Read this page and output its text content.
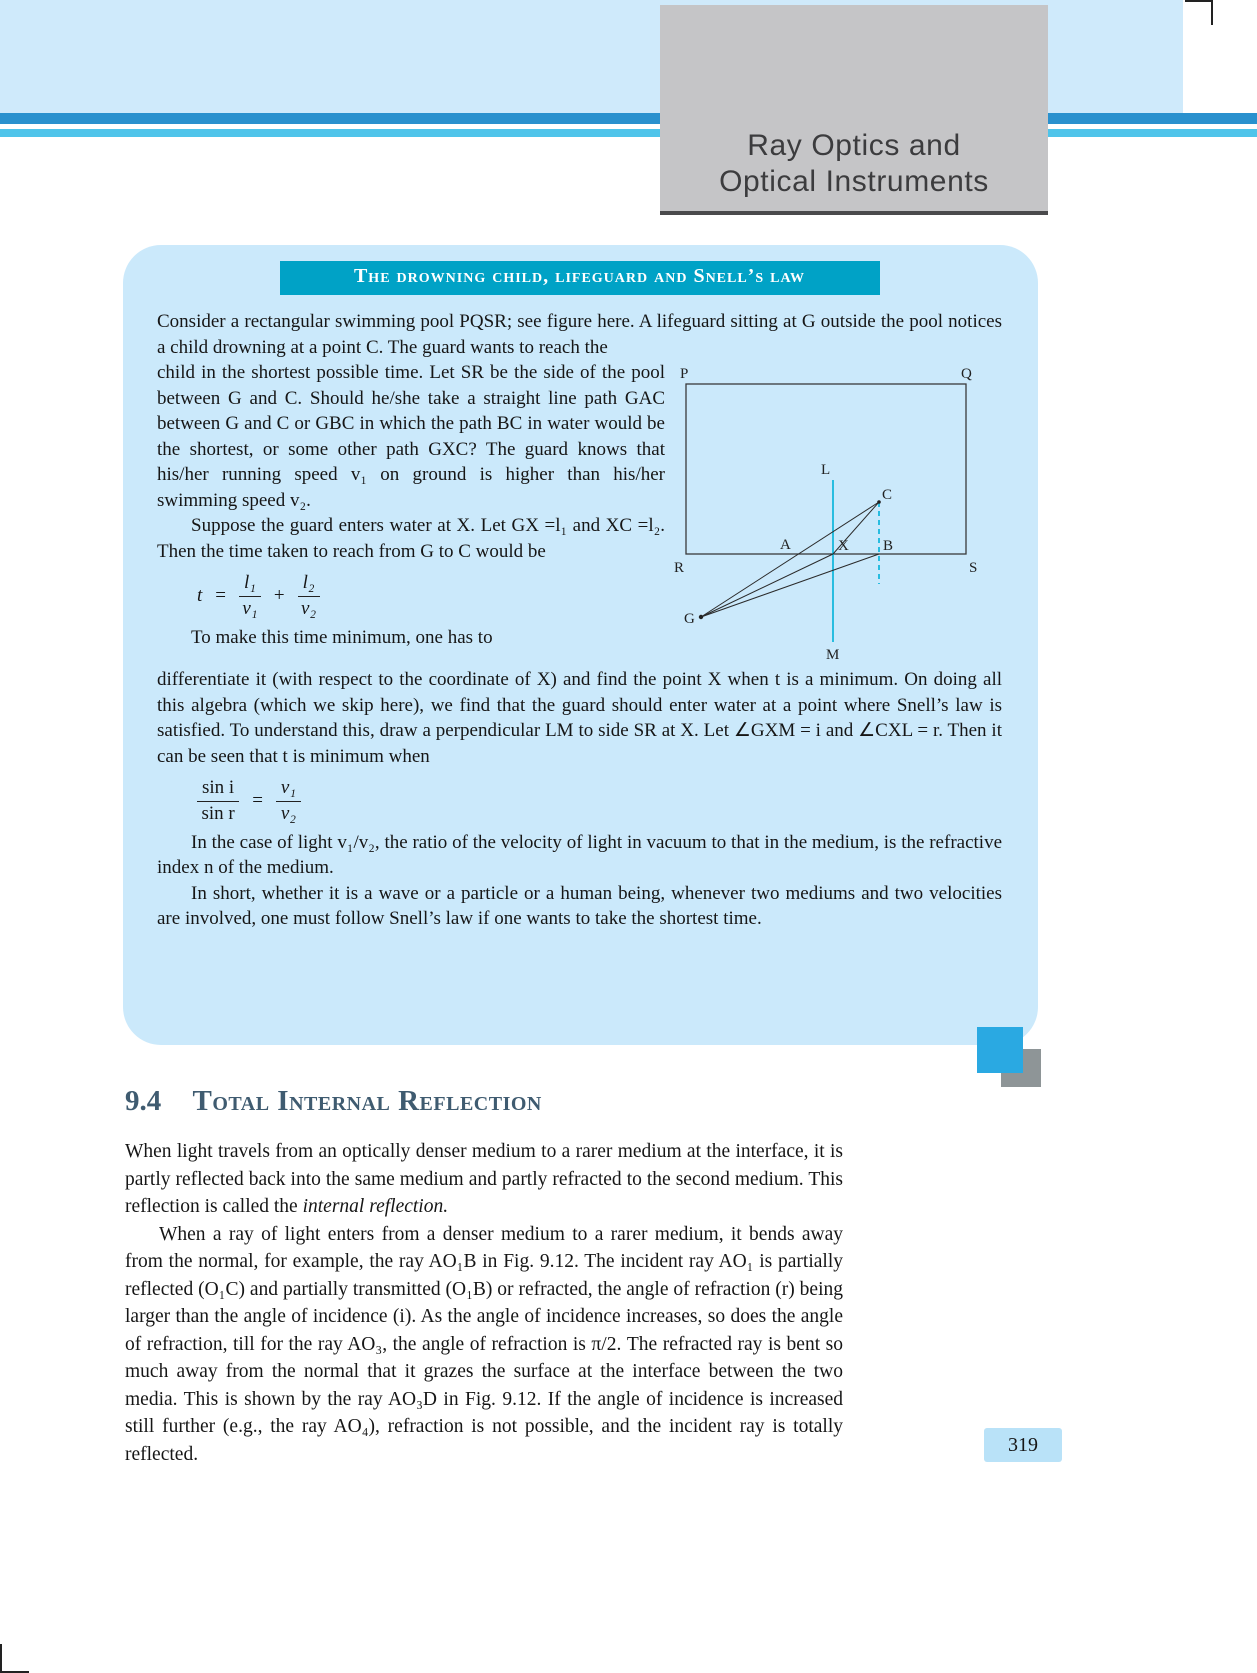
Ray Optics and
Optical Instruments
The drowning child, lifeguard and Snell’s law

Consider a rectangular swimming pool PQSR; see figure here. A lifeguard sitting at G outside the pool notices a child drowning at a point C. The guard wants to reach the

child in the shortest possible time. Let SR be the side of the pool between G and C. Should he/she take a straight line path GAC between G and C or GBC in which the path BC in water would be the shortest, or some other path GXC? The guard knows that his/her running speed v₁ on ground is higher than his/her swimming speed v₂.

Suppose the guard enters water at X. Let GX =l₁ and XC =l₂. Then the time taken to reach from G to C would be

$t = \frac{\text{l₁}}{\text{v₁}} + \frac{\text{l₂}}{\text{v₂}}$

To make this time minimum, one has to

P	Q
R	S
L
M
A	X B
C
G

differentiate it (with respect to the coordinate of X) and find the point X when t is a minimum. On doing all this algebra (which we skip here), we find that the guard should enter water at a point where Snell’s law is satisfied. To understand this, draw a perpendicular LM to side SR at X. Let ∠GXM = i and ∠CXL = r. Then it can be seen that t is minimum when

$\frac{\text{sin i}}{\text{sin r}} = \frac{\text{v₁}}{\text{v₂}}$

In the case of light v₁/v₂, the ratio of the velocity of light in vacuum to that in the medium, is the refractive index n of the medium.

In short, whether it is a wave or a particle or a human being, whenever two mediums and two velocities are involved, one must follow Snell’s law if one wants to take the shortest time.

9.4 Total Internal Reflection

When light travels from an optically denser medium to a rarer medium at the interface, it is partly reflected back into the same medium and partly refracted to the second medium. This reflection is called the internal reflection.

When a ray of light enters from a denser medium to a rarer medium, it bends away from the normal, for example, the ray AO₁B in Fig. 9.12. The incident ray AO₁ is partially reflected (O₁C) and partially transmitted (O₁B) or refracted, the angle of refraction (r) being larger than the angle of incidence (i). As the angle of incidence increases, so does the angle of refraction, till for the ray AO₃, the angle of refraction is π/2. The refracted ray is bent so much away from the normal that it grazes the surface at the interface between the two media. This is shown by the ray AO₃D in Fig. 9.12. If the angle of incidence is increased still further (e.g., the ray AO₄), refraction is not possible, and the incident ray is totally reflected.	319
